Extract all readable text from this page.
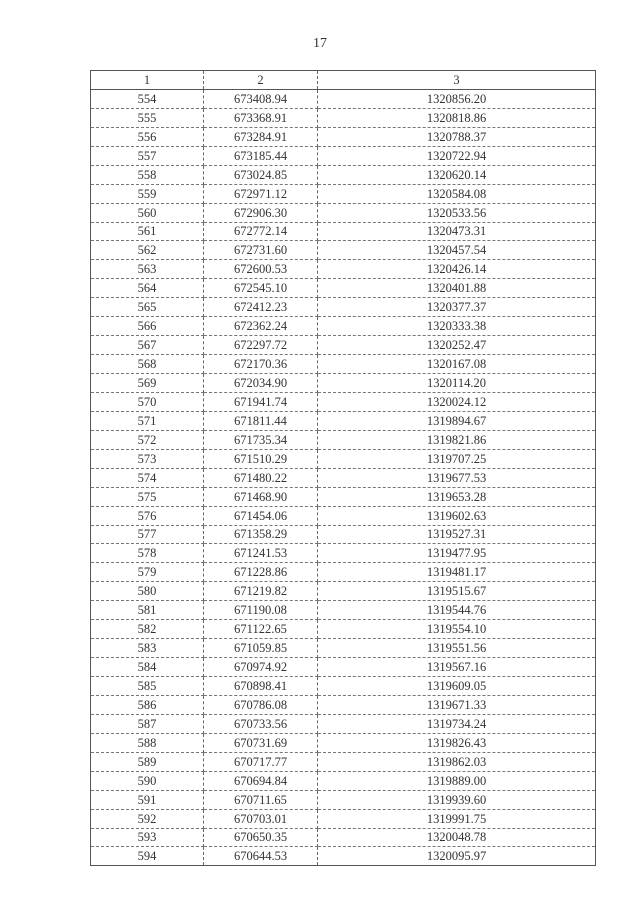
17
1	2	3
554	673408.94	1320856.20
555	673368.91	1320818.86
556	673284.91	1320788.37
557	673185.44	1320722.94
558	673024.85	1320620.14
559	672971.12	1320584.08
560	672906.30	1320533.56
561	672772.14	1320473.31
562	672731.60	1320457.54
563	672600.53	1320426.14
564	672545.10	1320401.88
565	672412.23	1320377.37
566	672362.24	1320333.38
567	672297.72	1320252.47
568	672170.36	1320167.08
569	672034.90	1320114.20
570	671941.74	1320024.12
571	671811.44	1319894.67
572	671735.34	1319821.86
573	671510.29	1319707.25
574	671480.22	1319677.53
575	671468.90	1319653.28
576	671454.06	1319602.63
577	671358.29	1319527.31
578	671241.53	1319477.95
579	671228.86	1319481.17
580	671219.82	1319515.67
581	671190.08	1319544.76
582	671122.65	1319554.10
583	671059.85	1319551.56
584	670974.92	1319567.16
585	670898.41	1319609.05
586	670786.08	1319671.33
587	670733.56	1319734.24
588	670731.69	1319826.43
589	670717.77	1319862.03
590	670694.84	1319889.00
591	670711.65	1319939.60
592	670703.01	1319991.75
593	670650.35	1320048.78
594	670644.53	1320095.97
